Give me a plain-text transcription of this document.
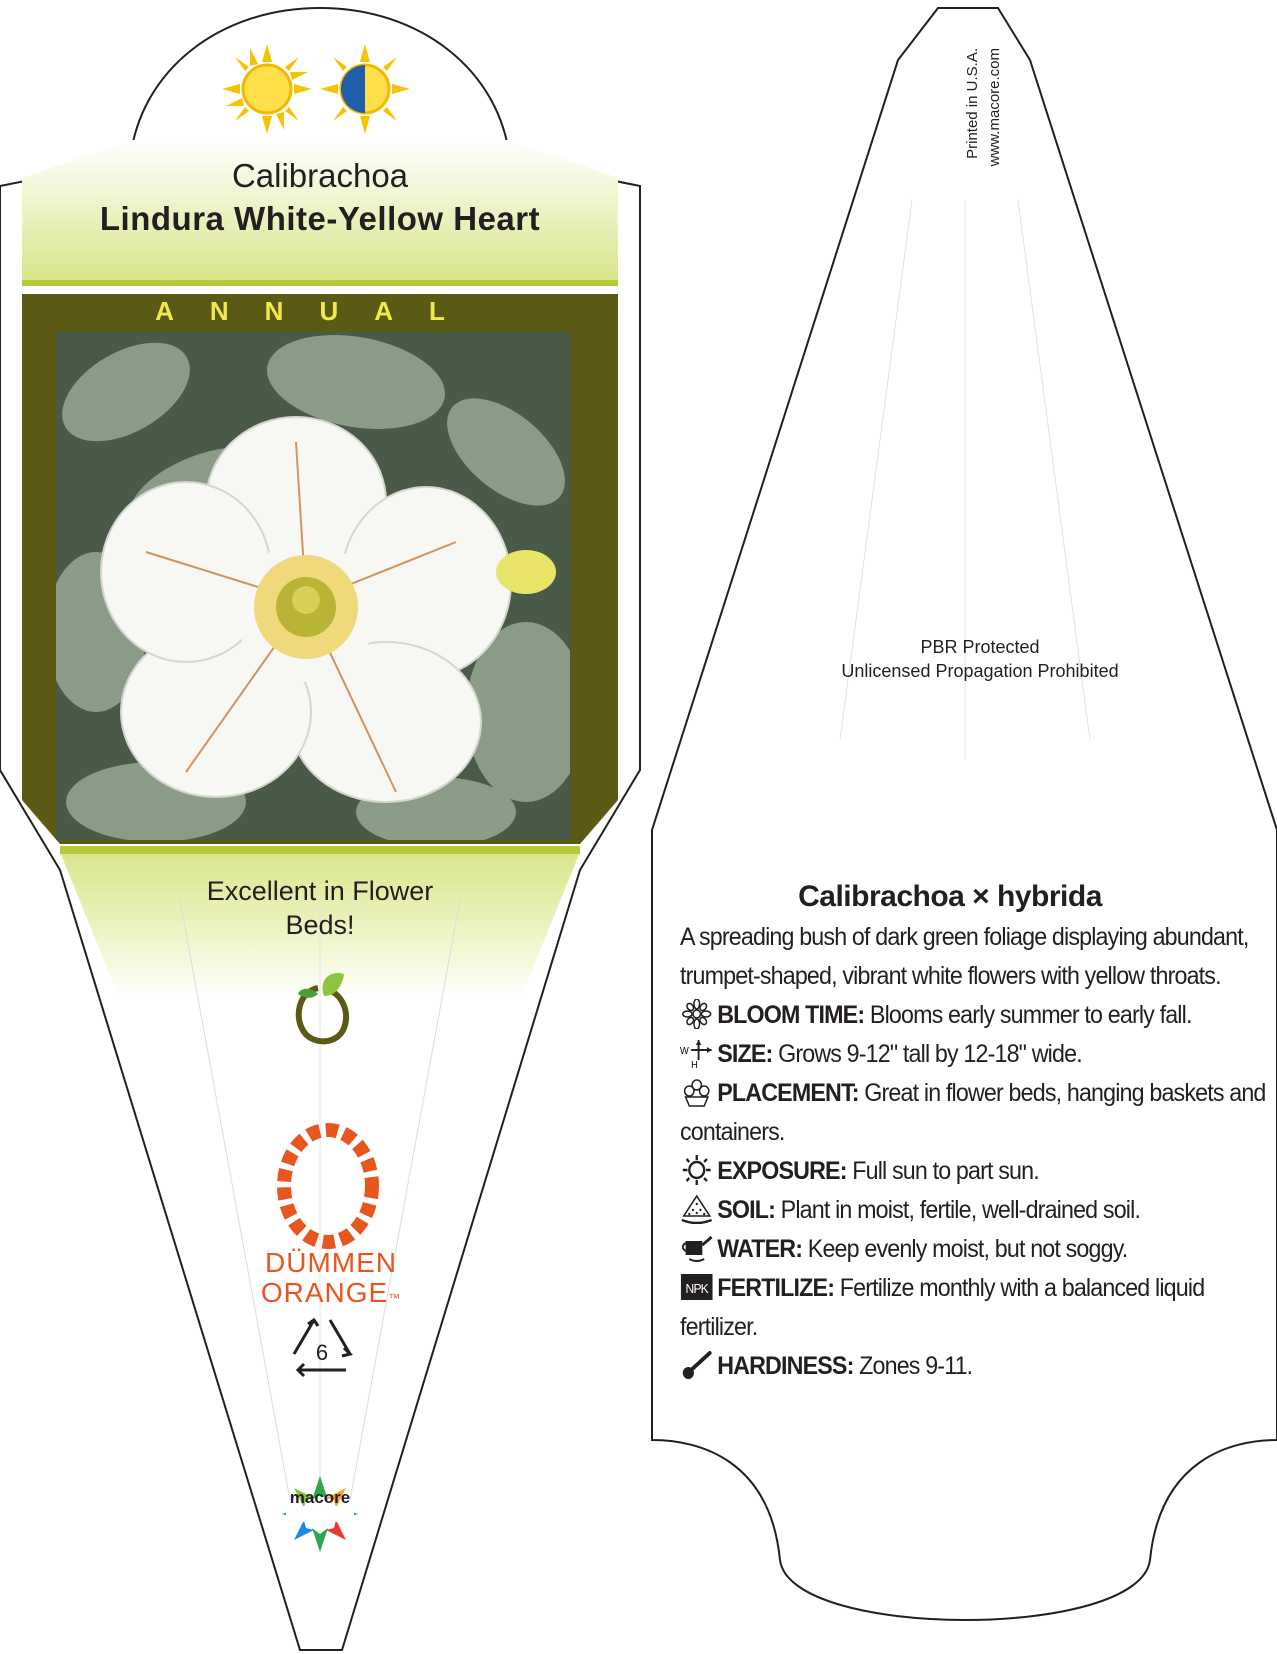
Calibrachoa
Lindura White-Yellow Heart
ANNUAL
Excellent in Flower Beds!
DÜMMEN ORANGE™
6
macore
Printed in U.S.A. www.macore.com
PBR Protected
Unlicensed Propagation Prohibited
Calibrachoa × hybrida

A spreading bush of dark green foliage displaying abundant, trumpet-shaped, vibrant white flowers with yellow throats.

BLOOM TIME: Blooms early summer to early fall.

W
H SIZE: Grows 9-12" tall by 12-18" wide.

PLACEMENT: Great in flower beds, hanging baskets and containers.

EXPOSURE: Full sun to part sun.

SOIL: Plant in moist, fertile, well-drained soil.

WATER: Keep evenly moist, but not soggy.

NPK FERTILIZE: Fertilize monthly with a balanced liquid fertilizer.

HARDINESS: Zones 9-11.
